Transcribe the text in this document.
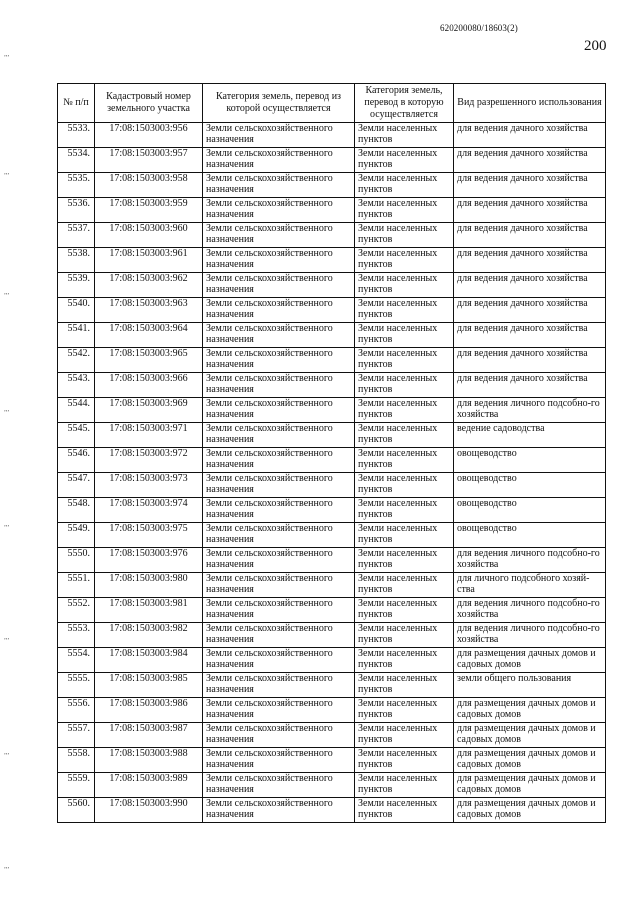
620200080/18603(2)
200
,,,
,,,
,,,
,,,
,,,
,,,
,,,
,,,
№ п/п	Кадастровый номер земельного участка	Категория земель, перевод из которой осуществляется	Категория земель, перевод в которую осуществляется	Вид разрешенного использования
5533.	17:08:1503003:956	Земли сельскохозяйственного назначения	Земли населенных пунктов	для ведения дачного хозяйства
5534.	17:08:1503003:957	Земли сельскохозяйственного назначения	Земли населенных пунктов	для ведения дачного хозяйства
5535.	17:08:1503003:958	Земли сельскохозяйственного назначения	Земли населенных пунктов	для ведения дачного хозяйства
5536.	17:08:1503003:959	Земли сельскохозяйственного назначения	Земли населенных пунктов	для ведения дачного хозяйства
5537.	17:08:1503003:960	Земли сельскохозяйственного назначения	Земли населенных пунктов	для ведения дачного хозяйства
5538.	17:08:1503003:961	Земли сельскохозяйственного назначения	Земли населенных пунктов	для ведения дачного хозяйства
5539.	17:08:1503003:962	Земли сельскохозяйственного назначения	Земли населенных пунктов	для ведения дачного хозяйства
5540.	17:08:1503003:963	Земли сельскохозяйственного назначения	Земли населенных пунктов	для ведения дачного хозяйства
5541.	17:08:1503003:964	Земли сельскохозяйственного назначения	Земли населенных пунктов	для ведения дачного хозяйства
5542.	17:08:1503003:965	Земли сельскохозяйственного назначения	Земли населенных пунктов	для ведения дачного хозяйства
5543.	17:08:1503003:966	Земли сельскохозяйственного назначения	Земли населенных пунктов	для ведения дачного хозяйства
5544.	17:08:1503003:969	Земли сельскохозяйственного назначения	Земли населенных пунктов	для ведения личного подсобно-го хозяйства
5545.	17:08:1503003:971	Земли сельскохозяйственного назначения	Земли населенных пунктов	ведение садоводства
5546.	17:08:1503003:972	Земли сельскохозяйственного назначения	Земли населенных пунктов	овощеводство
5547.	17:08:1503003:973	Земли сельскохозяйственного назначения	Земли населенных пунктов	овощеводство
5548.	17:08:1503003:974	Земли сельскохозяйственного назначения	Земли населенных пунктов	овощеводство
5549.	17:08:1503003:975	Земли сельскохозяйственного назначения	Земли населенных пунктов	овощеводство
5550.	17:08:1503003:976	Земли сельскохозяйственного назначения	Земли населенных пунктов	для ведения личного подсобно-го хозяйства
5551.	17:08:1503003:980	Земли сельскохозяйственного назначения	Земли населенных пунктов	для личного подсобного хозяй-ства
5552.	17:08:1503003:981	Земли сельскохозяйственного назначения	Земли населенных пунктов	для ведения личного подсобно-го хозяйства
5553.	17:08:1503003:982	Земли сельскохозяйственного назначения	Земли населенных пунктов	для ведения личного подсобно-го хозяйства
5554.	17:08:1503003:984	Земли сельскохозяйственного назначения	Земли населенных пунктов	для размещения дачных домов и садовых домов
5555.	17:08:1503003:985	Земли сельскохозяйственного назначения	Земли населенных пунктов	земли общего пользования
5556.	17:08:1503003:986	Земли сельскохозяйственного назначения	Земли населенных пунктов	для размещения дачных домов и садовых домов
5557.	17:08:1503003:987	Земли сельскохозяйственного назначения	Земли населенных пунктов	для размещения дачных домов и садовых домов
5558.	17:08:1503003:988	Земли сельскохозяйственного назначения	Земли населенных пунктов	для размещения дачных домов и садовых домов
5559.	17:08:1503003:989	Земли сельскохозяйственного назначения	Земли населенных пунктов	для размещения дачных домов и садовых домов
5560.	17:08:1503003:990	Земли сельскохозяйственного назначения	Земли населенных пунктов	для размещения дачных домов и садовых домов
